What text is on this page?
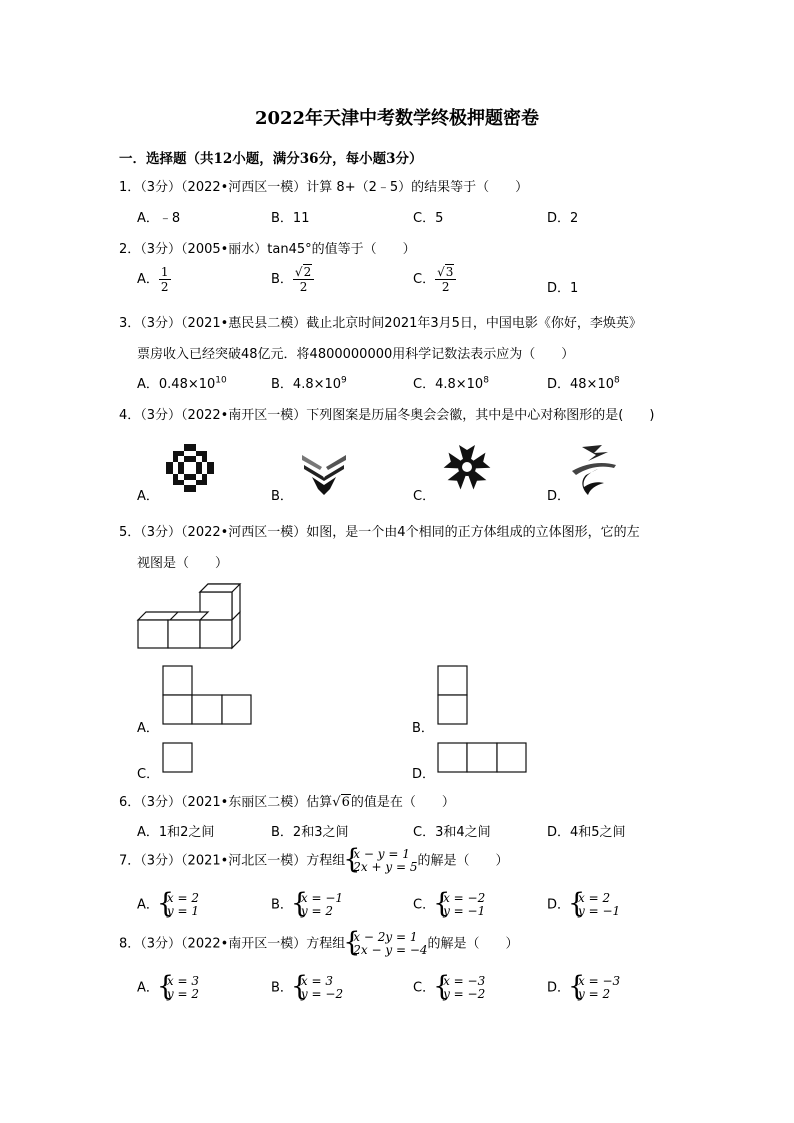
2022年天津中考数学终极押题密卷
一．选择题（共12小题，满分36分，每小题3分）
1．（3分）（2022•河西区一模）计算 8+（2﹣5）的结果等于（　　）
A．﹣8	B．11	C．5	D．2
2．（3分）（2005•丽水）tan45°的值等于（　　）
A． $\frac{1}{2}$	B． $\frac{√2}{2}$	C． $\frac{√3}{2}$	D．1
3．（3分）（2021•惠民县二模）截止北京时间2021年3月5日，中国电影《你好，李焕英》
票房收入已经突破48亿元．将4800000000用科学记数法表示应为（　　）
A．$0.48\times 10^{10}$	B．$4.8\times 10^9$	C．$4.8\times 10^8$	D．$48\times 10^8$
4．（3分）（2022•南开区一模）下列图案是历届冬奥会会徽，其中是中心对称图形的是(　　)
A．	B．	C．	D．
5．（3分）（2022•河西区一模）如图，是一个由4个相同的正方体组成的立体图形，它的左
视图是（　　）
A．	B．
C．	D．
6．（3分）（2021•东丽区二模）估算√6的值是在（　　）
A．1和2之间	B．2和3之间	C．3和4之间	D．4和5之间
7．（3分）（2021•河北区一模）方程组 { x − y = 1
2x + y = 5 的解是（　　）
A． { x = 2
y = 1	B． { x = −1
y = 2	C． { x = −2
y = −1	D． { x = 2
y = −1
8．（3分）（2022•南开区一模）方程组 { x − 2y = 1
2x − y = −4 的解是（　　）
A． { x = 3
y = 2	B． { x = 3
y = −2	C． { x = −3
y = −2	D． { x = −3
y = 2
